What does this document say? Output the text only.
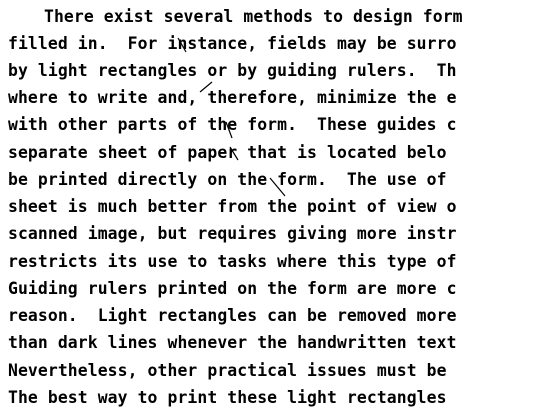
There exist several methods to design form
filled in.  For instance, fields may be surro
by light rectangles or by guiding rulers.  Th
where to write and, therefore, minimize the e
with other parts of the form.  These guides c
separate sheet of paper that is located belo
be printed directly on the form.  The use of
sheet is much better from the point of view o
scanned image, but requires giving more instr
restricts its use to tasks where this type of
Guiding rulers printed on the form are more c
reason.  Light rectangles can be removed more
than dark lines whenever the handwritten text
Nevertheless, other practical issues must be
The best way to print these light rectangles
